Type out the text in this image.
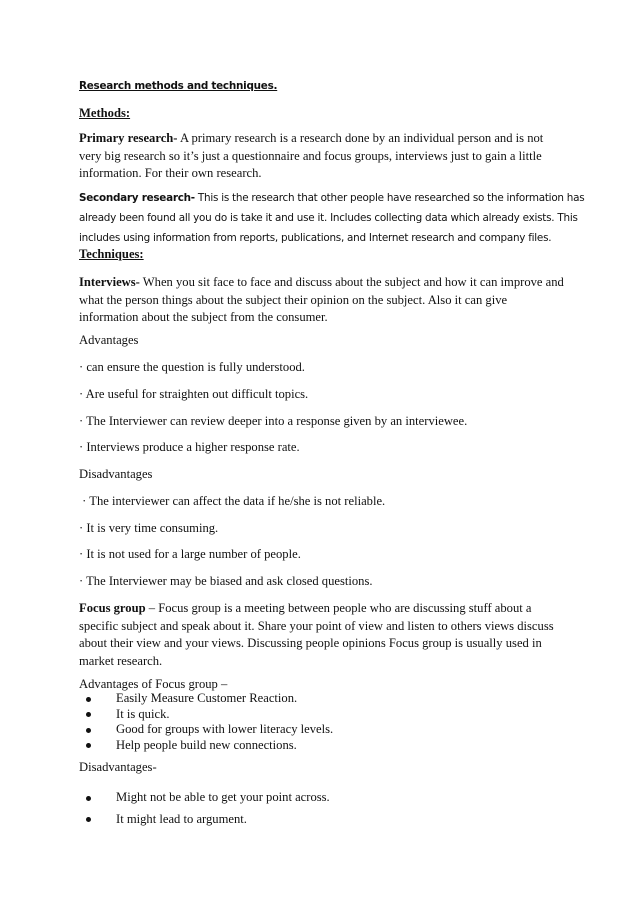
Research methods and techniques.

Methods:

Primary research- A primary research is a research done by an individual person and is not
very big research so it’s just a questionnaire and focus groups, interviews just to gain a little
information. For their own research.
Secondary research- This is the research that other people have researched so the information has
already been found all you do is take it and use it. Includes collecting data which already exists. This
includes using information from reports, publications, and Internet research and company files.

Techniques:

Interviews- When you sit face to face and discuss about the subject and how it can improve and
what the person things about the subject their opinion on the subject. Also it can give
information about the subject from the consumer.

Advantages

· can ensure the question is fully understood.

· Are useful for straighten out difficult topics.

· The Interviewer can review deeper into a response given by an interviewee.

· Interviews produce a higher response rate.

Disadvantages

· The interviewer can affect the data if he/she is not reliable.

· It is very time consuming.

· It is not used for a large number of people.

· The Interviewer may be biased and ask closed questions.

Focus group – Focus group is a meeting between people who are discussing stuff about a
specific subject and speak about it. Share your point of view and listen to others views discuss
about their view and your views. Discussing people opinions Focus group is usually used in
market research.

Advantages of Focus group –

Easily Measure Customer Reaction.
It is quick.
Good for groups with lower literacy levels.
Help people build new connections.

Disadvantages-

Might not be able to get your point across.
It might lead to argument.
